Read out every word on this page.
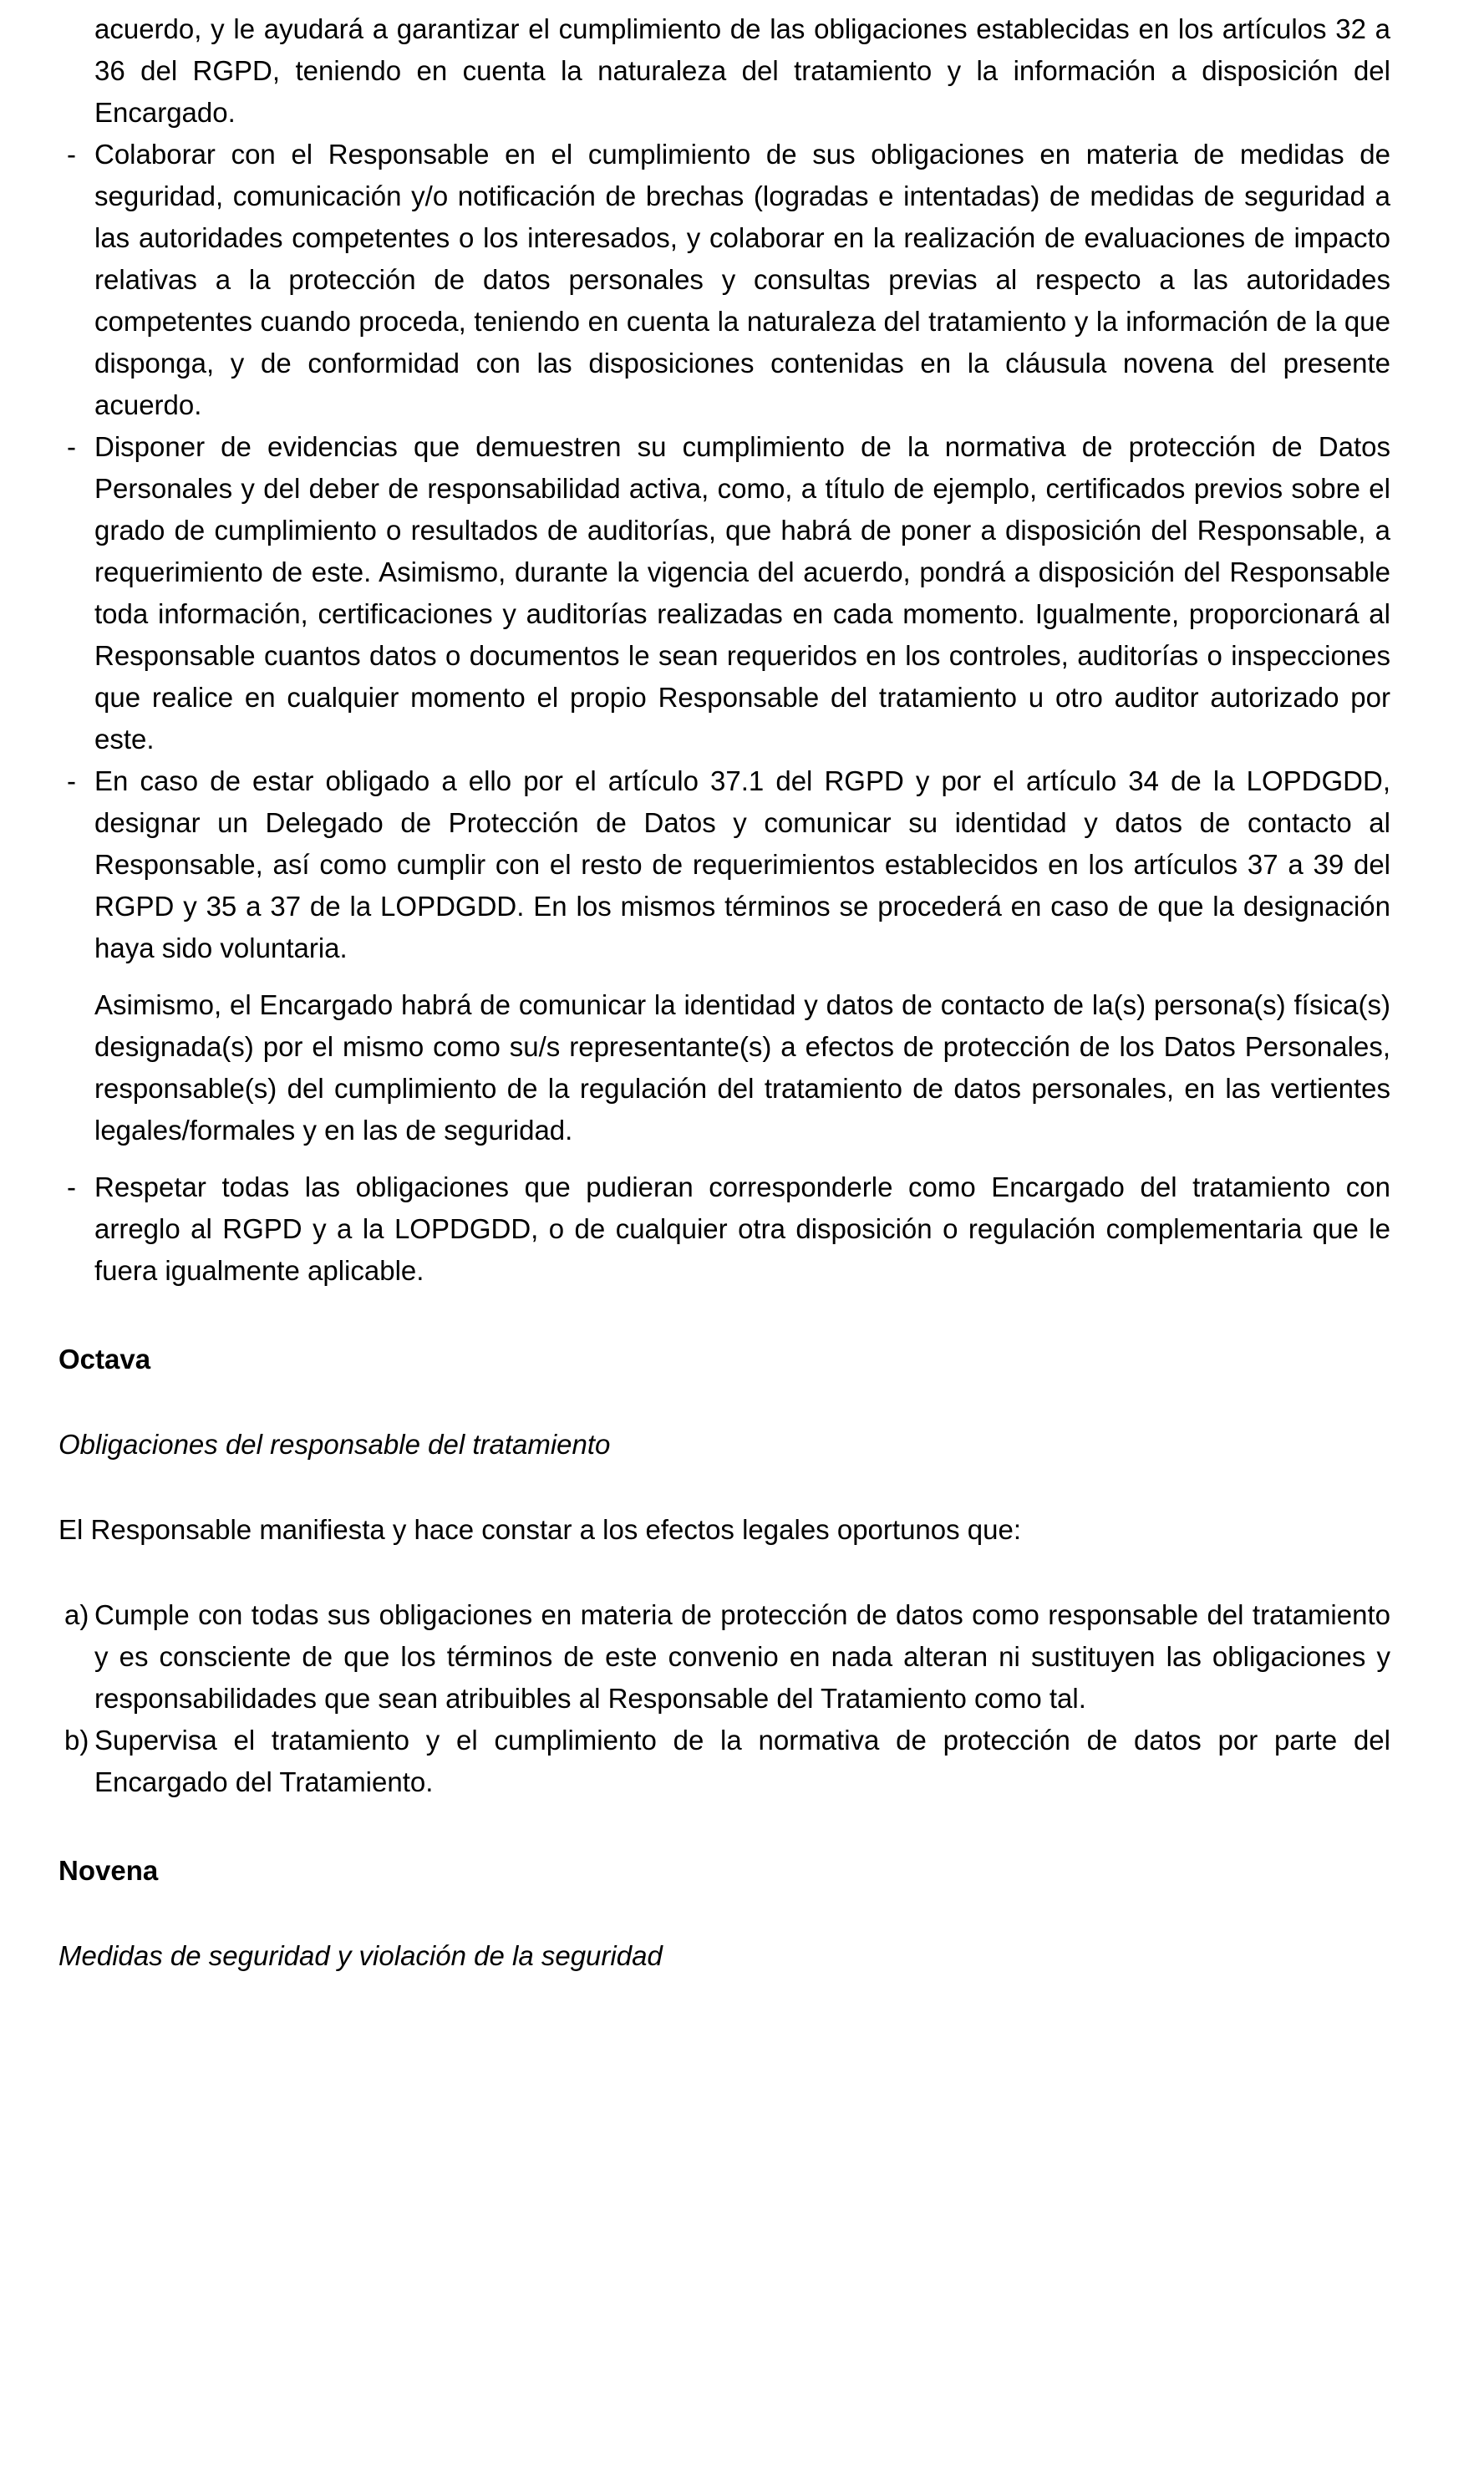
acuerdo, y le ayudará a garantizar el cumplimiento de las obligaciones establecidas en los artículos 32 a 36 del RGPD, teniendo en cuenta la naturaleza del tratamiento y la información a disposición del Encargado.

- Colaborar con el Responsable en el cumplimiento de sus obligaciones en materia de medidas de seguridad, comunicación y/o notificación de brechas (logradas e intentadas) de medidas de seguridad a las autoridades competentes o los interesados, y colaborar en la realización de evaluaciones de impacto relativas a la protección de datos personales y consultas previas al respecto a las autoridades competentes cuando proceda, teniendo en cuenta la naturaleza del tratamiento y la información de la que disponga, y de conformidad con las disposiciones contenidas en la cláusula novena del presente acuerdo.

- Disponer de evidencias que demuestren su cumplimiento de la normativa de protección de Datos Personales y del deber de responsabilidad activa, como, a título de ejemplo, certificados previos sobre el grado de cumplimiento o resultados de auditorías, que habrá de poner a disposición del Responsable, a requerimiento de este. Asimismo, durante la vigencia del acuerdo, pondrá a disposición del Responsable toda información, certificaciones y auditorías realizadas en cada momento. Igualmente, proporcionará al Responsable cuantos datos o documentos le sean requeridos en los controles, auditorías o inspecciones que realice en cualquier momento el propio Responsable del tratamiento u otro auditor autorizado por este.

- En caso de estar obligado a ello por el artículo 37.1 del RGPD y por el artículo 34 de la LOPDGDD, designar un Delegado de Protección de Datos y comunicar su identidad y datos de contacto al Responsable, así como cumplir con el resto de requerimientos establecidos en los artículos 37 a 39 del RGPD y 35 a 37 de la LOPDGDD. En los mismos términos se procederá en caso de que la designación haya sido voluntaria.

Asimismo, el Encargado habrá de comunicar la identidad y datos de contacto de la(s) persona(s) física(s) designada(s) por el mismo como su/s representante(s) a efectos de protección de los Datos Personales, responsable(s) del cumplimiento de la regulación del tratamiento de datos personales, en las vertientes legales/formales y en las de seguridad.

- Respetar todas las obligaciones que pudieran corresponderle como Encargado del tratamiento con arreglo al RGPD y a la LOPDGDD, o de cualquier otra disposición o regulación complementaria que le fuera igualmente aplicable.

Octava

Obligaciones del responsable del tratamiento

El Responsable manifiesta y hace constar a los efectos legales oportunos que:

a) Cumple con todas sus obligaciones en materia de protección de datos como responsable del tratamiento y es consciente de que los términos de este convenio en nada alteran ni sustituyen las obligaciones y responsabilidades que sean atribuibles al Responsable del Tratamiento como tal.

b) Supervisa el tratamiento y el cumplimiento de la normativa de protección de datos por parte del Encargado del Tratamiento.

Novena

Medidas de seguridad y violación de la seguridad
